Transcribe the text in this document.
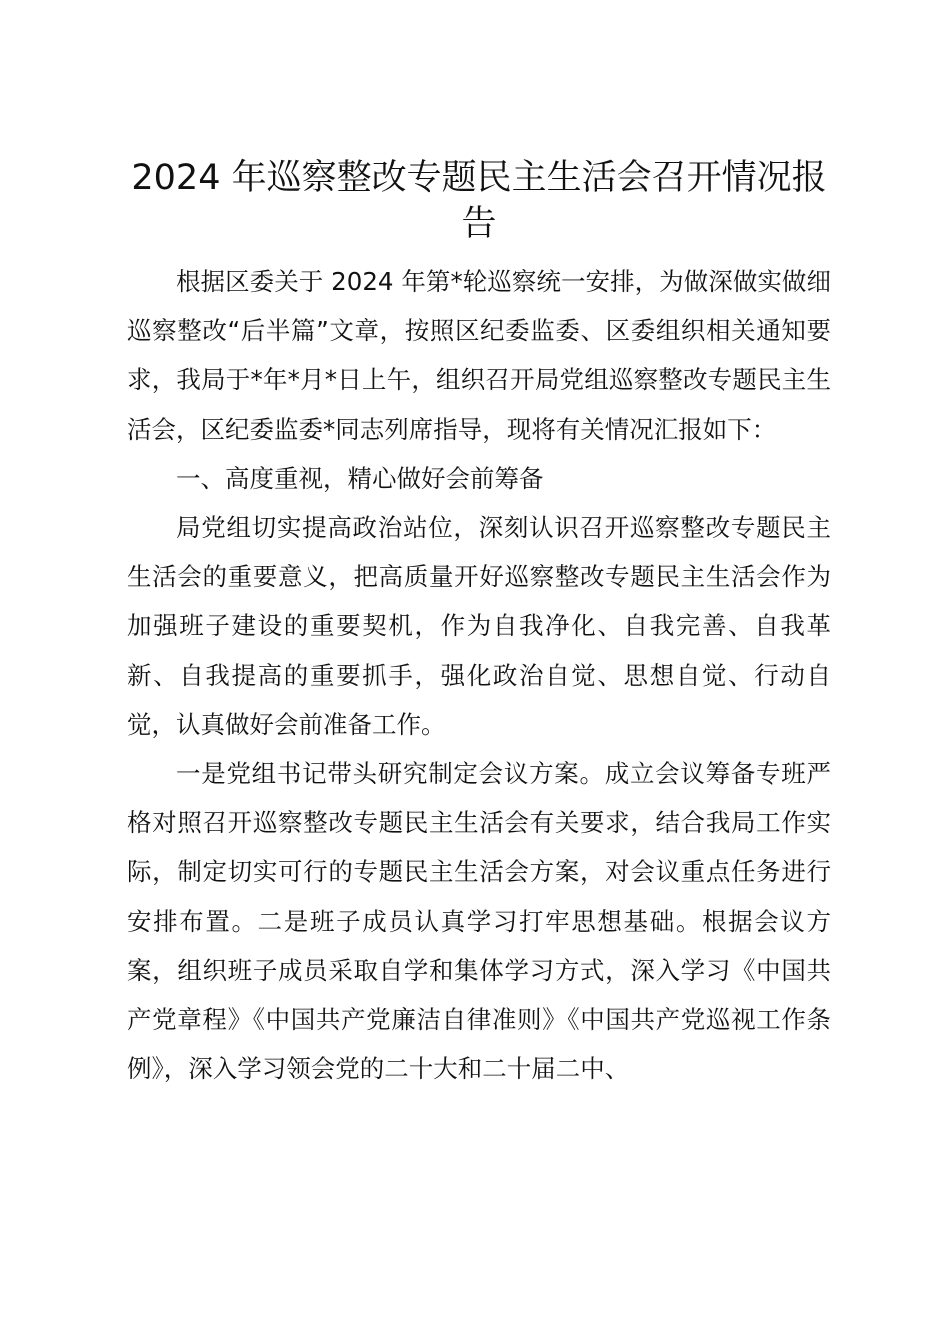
2024 年巡察整改专题民主生活会召开情况报告

根据区委关于 2024 年第*轮巡察统一安排，为做深做实做细巡察整改“后半篇”文章，按照区纪委监委、区委组织相关通知要求，我局于*年*月*日上午，组织召开局党组巡察整改专题民主生活会，区纪委监委*同志列席指导，现将有关情况汇报如下：

一、高度重视，精心做好会前筹备

局党组切实提高政治站位，深刻认识召开巡察整改专题民主生活会的重要意义，把高质量开好巡察整改专题民主生活会作为加强班子建设的重要契机，作为自我净化、自我完善、自我革新、自我提高的重要抓手，强化政治自觉、思想自觉、行动自觉，认真做好会前准备工作。

一是党组书记带头研究制定会议方案。成立会议筹备专班严格对照召开巡察整改专题民主生活会有关要求，结合我局工作实际，制定切实可行的专题民主生活会方案，对会议重点任务进行安排布置。二是班子成员认真学习打牢思想基础。根据会议方案，组织班子成员采取自学和集体学习方式，深入学习《中国共产党章程》《中国共产党廉洁自律准则》《中国共产党巡视工作条例》，深入学习领会党的二十大和二十届二中、
